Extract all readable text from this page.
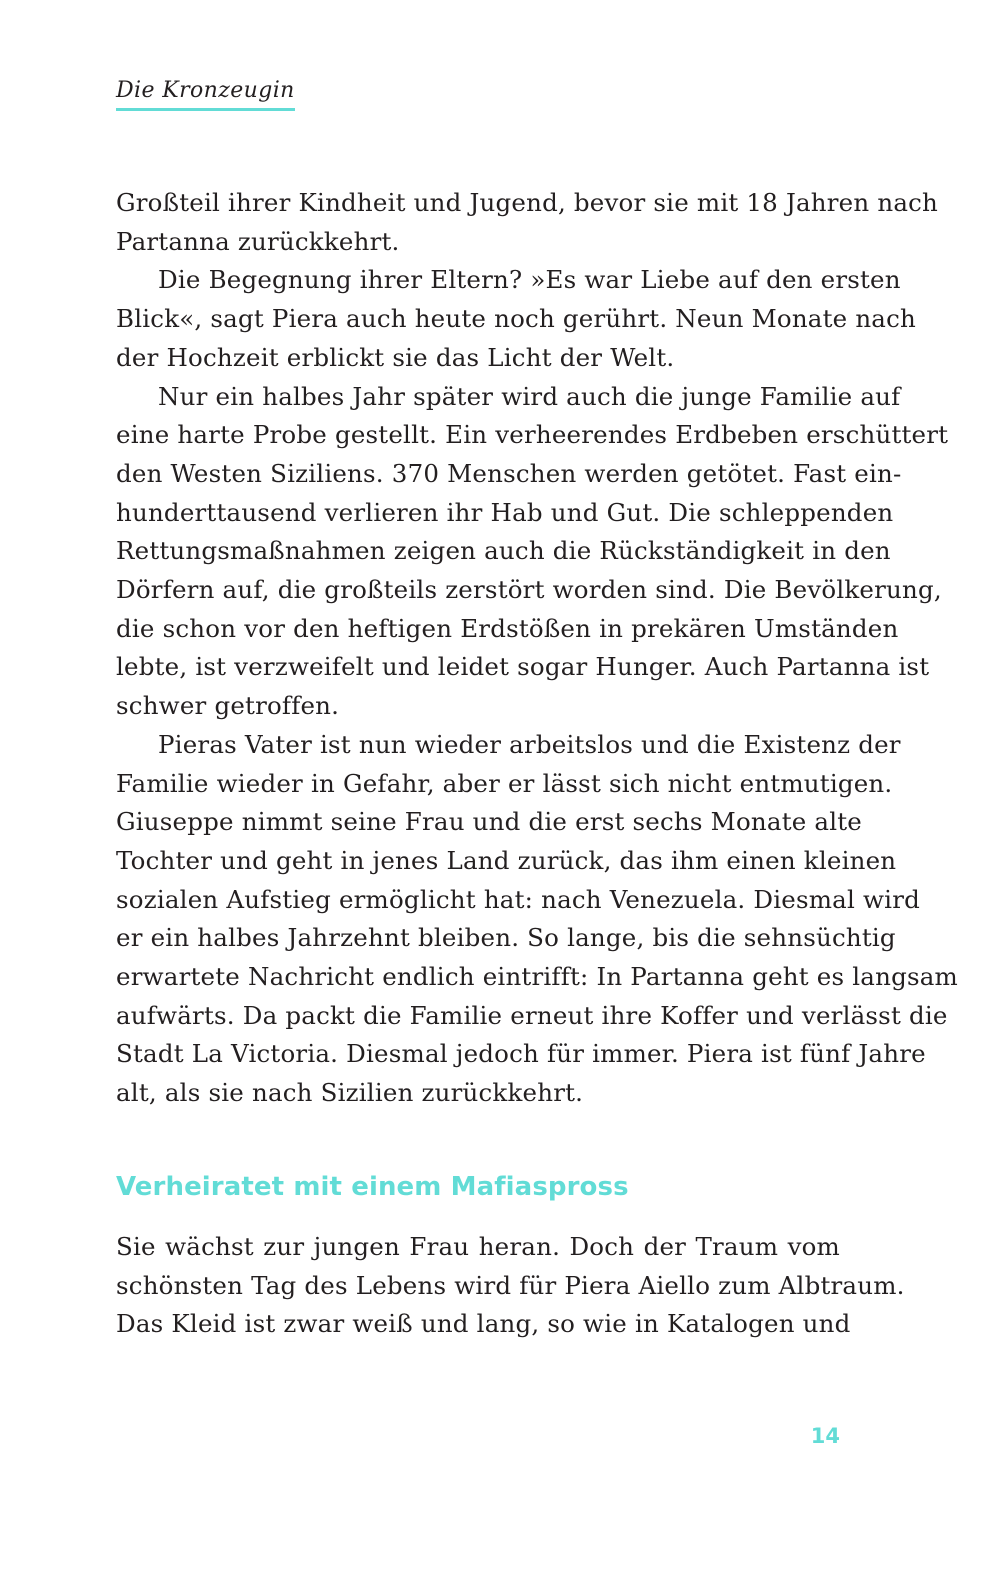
Die Kronzeugin
Großteil ihrer Kindheit und Jugend, bevor sie mit 18 Jahren nach
Partanna zurückkehrt.
Die Begegnung ihrer Eltern? »Es war Liebe auf den ersten
Blick«, sagt Piera auch heute noch gerührt. Neun Monate nach
der Hochzeit erblickt sie das Licht der Welt.
Nur ein halbes Jahr später wird auch die junge Familie auf
eine harte Probe gestellt. Ein verheerendes Erdbeben erschüttert
den Westen Siziliens. 370 Menschen werden getötet. Fast ein-
hunderttausend verlieren ihr Hab und Gut. Die schleppenden
Rettungsmaßnahmen zeigen auch die Rückständigkeit in den
Dörfern auf, die großteils zerstört worden sind. Die Bevölkerung,
die schon vor den heftigen Erdstößen in prekären Umständen
lebte, ist verzweifelt und leidet sogar Hunger. Auch Partanna ist
schwer getroffen.
Pieras Vater ist nun wieder arbeitslos und die Existenz der
Familie wieder in Gefahr, aber er lässt sich nicht entmutigen.
Giuseppe nimmt seine Frau und die erst sechs Monate alte
Tochter und geht in jenes Land zurück, das ihm einen kleinen
sozialen Aufstieg ermöglicht hat: nach Venezuela. Diesmal wird
er ein halbes Jahrzehnt bleiben. So lange, bis die sehnsüchtig
erwartete Nachricht endlich eintrifft: In Partanna geht es langsam
aufwärts. Da packt die Familie erneut ihre Koffer und verlässt die
Stadt La Victoria. Diesmal jedoch für immer. Piera ist fünf Jahre
alt, als sie nach Sizilien zurückkehrt.
Verheiratet mit einem Mafiaspross
Sie wächst zur jungen Frau heran. Doch der Traum vom
schönsten Tag des Lebens wird für Piera Aiello zum Albtraum.
Das Kleid ist zwar weiß und lang, so wie in Katalogen und
14
